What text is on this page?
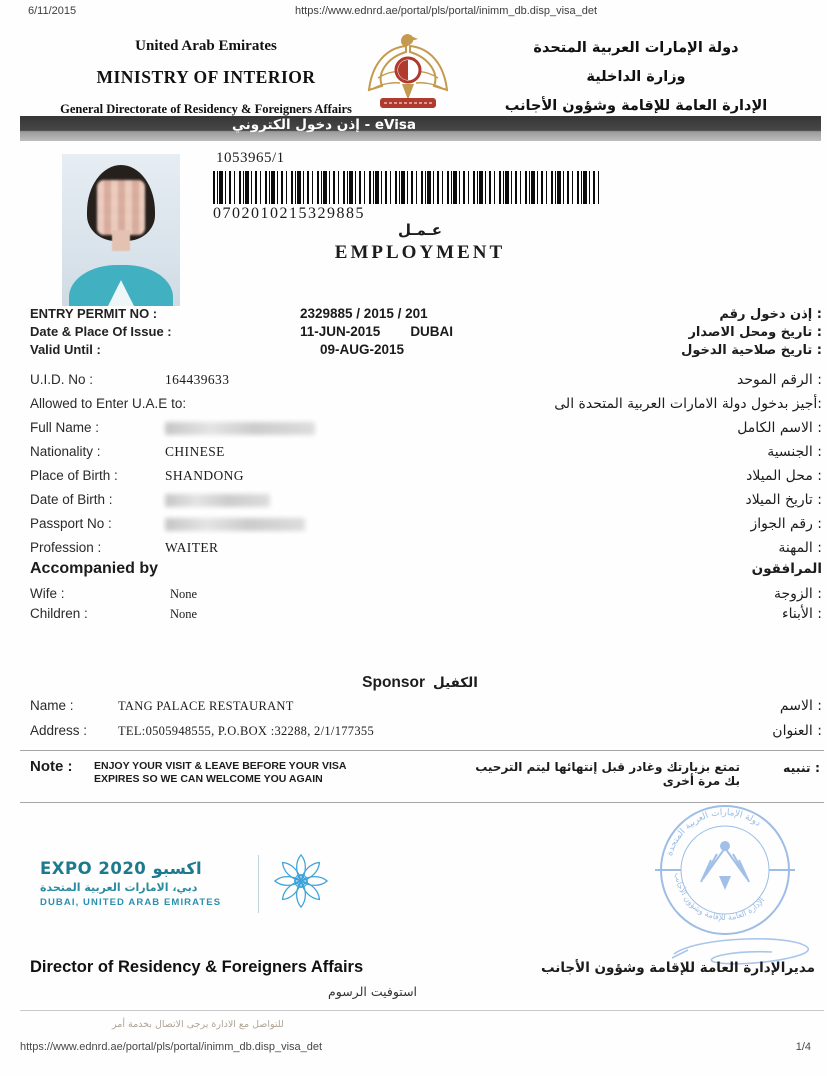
6/11/2015	https://www.ednrd.ae/portal/pls/portal/inimm_db.disp_visa_det
United Arab Emirates
MINISTRY OF INTERIOR
General Directorate of Residency & Foreigners Affairs
دولة الإمارات العربية المتحدة
وزارة الداخلية
الإدارة العامة للإقامة وشؤون الأجانب
إذن دخول الكتروني - eVisa
1053965/1
0702010215329885
عـمـل
EMPLOYMENT
ENTRY PERMIT NO :	2329885 / 2015 / 201	إذن دخول رقم :
Date & Place Of Issue :	11-JUN-2015 DUBAI	تاريخ ومحل الاصدار :
Valid Until :	09-AUG-2015	تاريخ صلاحية الدخول :
U.I.D. No :	164439633	الرقم الموحد :
Allowed to Enter U.A.E to:	أجيز بدخول دولة الامارات العربية المتحدة الى:
Full Name :	الاسم الكامل :
Nationality :	CHINESE	الجنسية :
Place of Birth :	SHANDONG	محل الميلاد :
Date of Birth :	تاريخ الميلاد :
Passport No :	رقم الجواز :
Profession :	WAITER	المهنة :
Accompanied by	المرافقون
Wife :	None	الزوجة :
Children :	None	الأبناء :
Sponsor الكفيل
Name :	TANG PALACE RESTAURANT	الاسم :
Address :	TEL:0505948555, P.O.BOX :32288, 2/1/177355	العنوان :
Note :	ENJOY YOUR VISIT & LEAVE BEFORE YOUR VISA
EXPIRES SO WE CAN WELCOME YOU AGAIN
تمتع بزيارتك وغادر قبل إنتهائها ليتم الترحيب بك مرة أخرى
تنبيه :
EXPO 2020 اكسبو
دبي، الامارات العربية المتحدة
DUBAI, UNITED ARAB EMIRATES
دولة الإمارات العربية المتحدة
الإدارة العامة للإقامة وشؤون الأجانب
Director of Residency & Foreigners Affairs	مديرالإدارة العامة للإقامة وشؤون الأجانب
استوفيت الرسوم
للتواصل مع الادارة يرجى الاتصال بخدمة أمر
https://www.ednrd.ae/portal/pls/portal/inimm_db.disp_visa_det	1/4
